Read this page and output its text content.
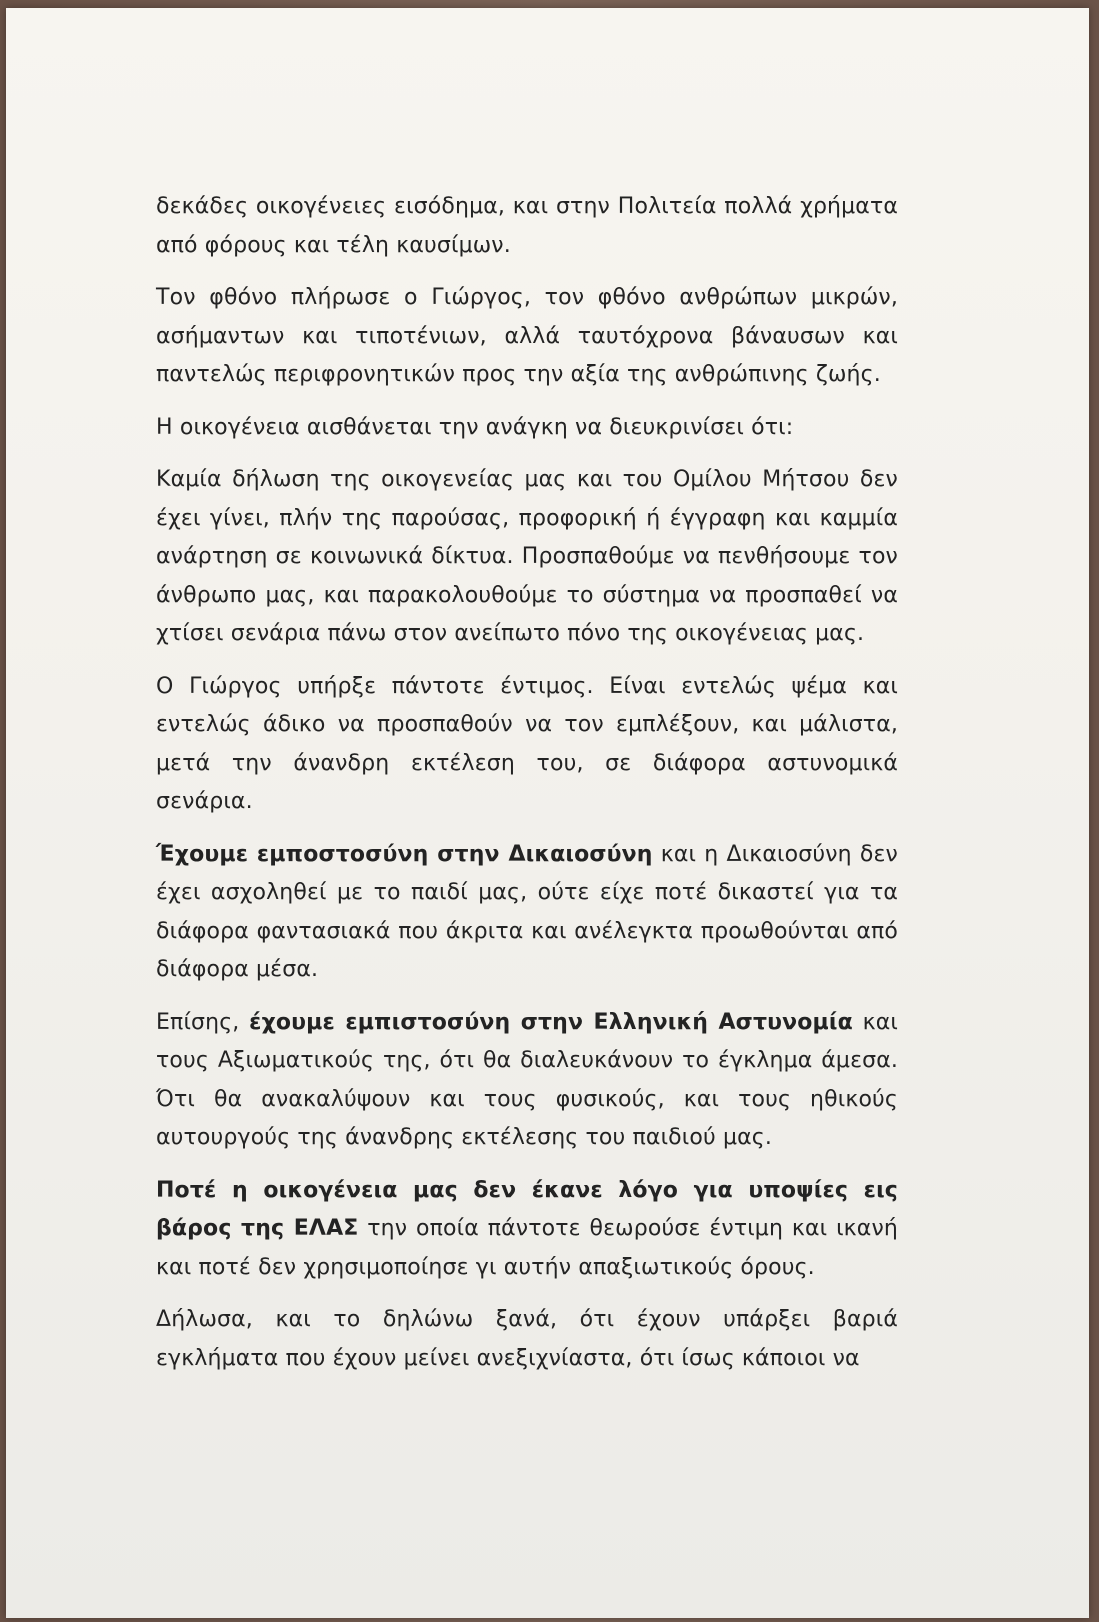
δεκάδες οικογένειες εισόδημα, και στην Πολιτεία πολλά χρήματα από φόρους και τέλη καυσίμων.

Τον φθόνο πλήρωσε ο Γιώργος, τον φθόνο ανθρώπων μικρών, ασήμαντων και τιποτένιων, αλλά ταυτόχρονα βάναυσων και παντελώς περιφρονητικών προς την αξία της ανθρώπινης ζωής.

Η οικογένεια αισθάνεται την ανάγκη να διευκρινίσει ότι:

Καμία δήλωση της οικογενείας μας και του Ομίλου Μήτσου δεν έχει γίνει, πλήν της παρούσας, προφορική ή έγγραφη και καμμία ανάρτηση σε κοινωνικά δίκτυα. Προσπαθούμε να πενθήσουμε τον άνθρωπο μας, και παρακολουθούμε το σύστημα να προσπαθεί να χτίσει σενάρια πάνω στον ανείπωτο πόνο της οικογένειας μας.

Ο Γιώργος υπήρξε πάντοτε έντιμος. Είναι εντελώς ψέμα και εντελώς άδικο να προσπαθούν να τον εμπλέξουν, και μάλιστα, μετά την άνανδρη εκτέλεση του, σε διάφορα αστυνομικά σενάρια.

Έχουμε εμποστοσύνη στην Δικαιοσύνη και η Δικαιοσύνη δεν έχει ασχοληθεί με το παιδί μας, ούτε είχε ποτέ δικαστεί για τα διάφορα φαντασιακά που άκριτα και ανέλεγκτα προωθούνται από διάφορα μέσα.

Επίσης, έχουμε εμπιστοσύνη στην Ελληνική Αστυνομία και τους Αξιωματικούς της, ότι θα διαλευκάνουν το έγκλημα άμεσα. Ότι θα ανακαλύψουν και τους φυσικούς, και τους ηθικούς αυτουργούς της άνανδρης εκτέλεσης του παιδιού μας.

Ποτέ η οικογένεια μας δεν έκανε λόγο για υποψίες εις βάρος της ΕΛΑΣ την οποία πάντοτε θεωρούσε έντιμη και ικανή και ποτέ δεν χρησιμοποίησε γι αυτήν απαξιωτικούς όρους.

Δήλωσα, και το δηλώνω ξανά, ότι έχουν υπάρξει βαριά εγκλήματα που έχουν μείνει ανεξιχνίαστα, ότι ίσως κάποιοι να
